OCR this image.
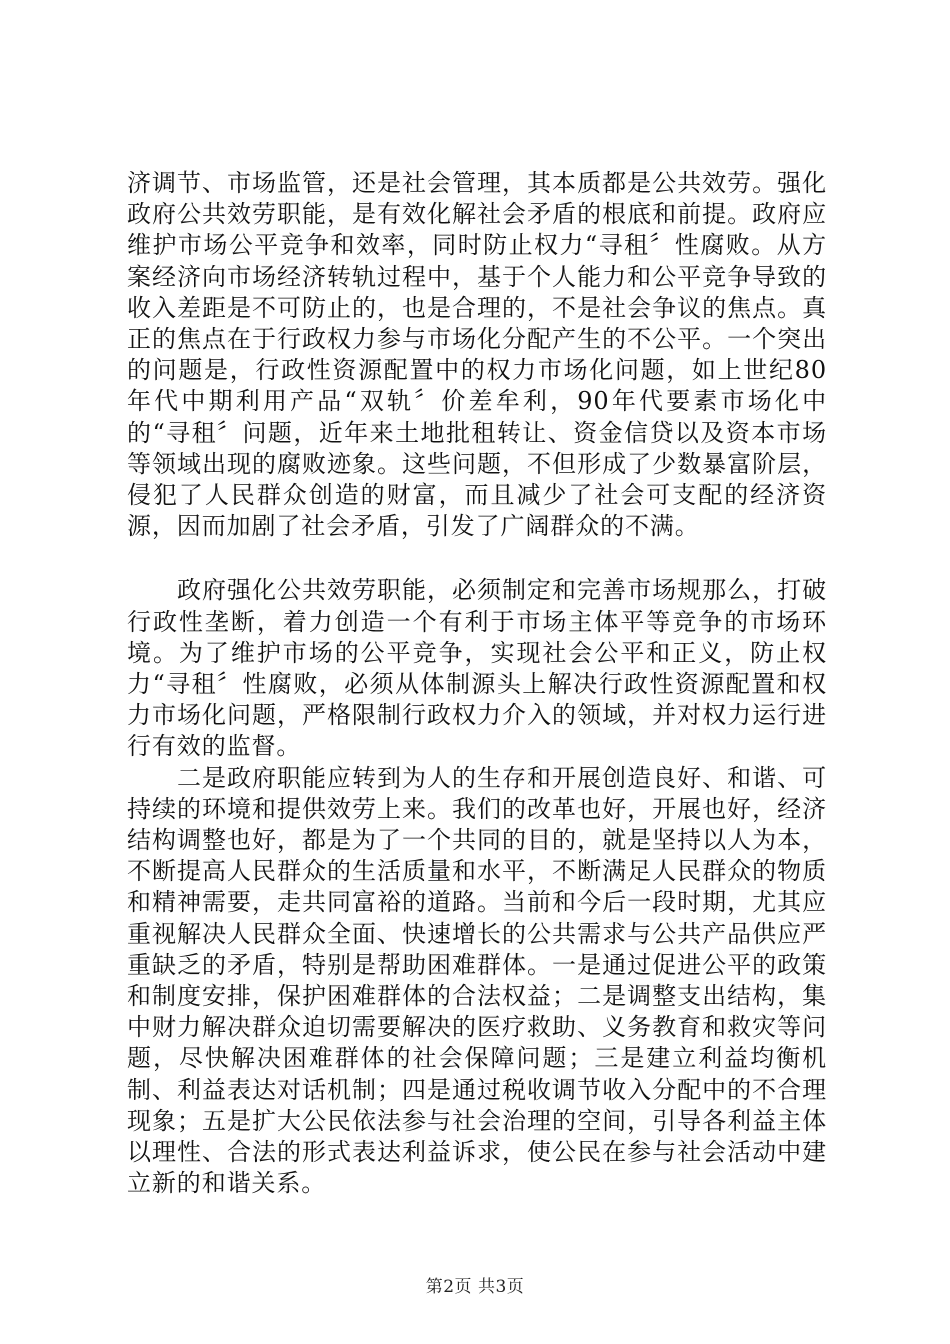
济调节、市场监管，还是社会管理，其本质都是公共效劳。强化政府公共效劳职能，是有效化解社会矛盾的根底和前提。政府应维护市场公平竞争和效率，同时防止权力“寻租〞性腐败。从方案经济向市场经济转轨过程中，基于个人能力和公平竞争导致的收入差距是不可防止的，也是合理的，不是社会争议的焦点。真正的焦点在于行政权力参与市场化分配产生的不公平。一个突出的问题是，行政性资源配置中的权力市场化问题，如上世纪80年代中期利用产品“双轨〞价差牟利，90年代要素市场化中的“寻租〞问题，近年来土地批租转让、资金信贷以及资本市场等领域出现的腐败迹象。这些问题，不但形成了少数暴富阶层，侵犯了人民群众创造的财富，而且减少了社会可支配的经济资源，因而加剧了社会矛盾，引发了广阔群众的不满。

政府强化公共效劳职能，必须制定和完善市场规那么，打破行政性垄断，着力创造一个有利于市场主体平等竞争的市场环境。为了维护市场的公平竞争，实现社会公平和正义，防止权力“寻租〞性腐败，必须从体制源头上解决行政性资源配置和权力市场化问题，严格限制行政权力介入的领域，并对权力运行进行有效的监督。

二是政府职能应转到为人的生存和开展创造良好、和谐、可持续的环境和提供效劳上来。我们的改革也好，开展也好，经济结构调整也好，都是为了一个共同的目的，就是坚持以人为本，不断提高人民群众的生活质量和水平，不断满足人民群众的物质和精神需要，走共同富裕的道路。当前和今后一段时期，尤其应重视解决人民群众全面、快速增长的公共需求与公共产品供应严重缺乏的矛盾，特别是帮助困难群体。一是通过促进公平的政策和制度安排，保护困难群体的合法权益；二是调整支出结构，集中财力解决群众迫切需要解决的医疗救助、义务教育和救灾等问题，尽快解决困难群体的社会保障问题；三是建立利益均衡机制、利益表达对话机制；四是通过税收调节收入分配中的不合理现象；五是扩大公民依法参与社会治理的空间，引导各利益主体以理性、合法的形式表达利益诉求，使公民在参与社会活动中建立新的和谐关系。

第2页 共3页
